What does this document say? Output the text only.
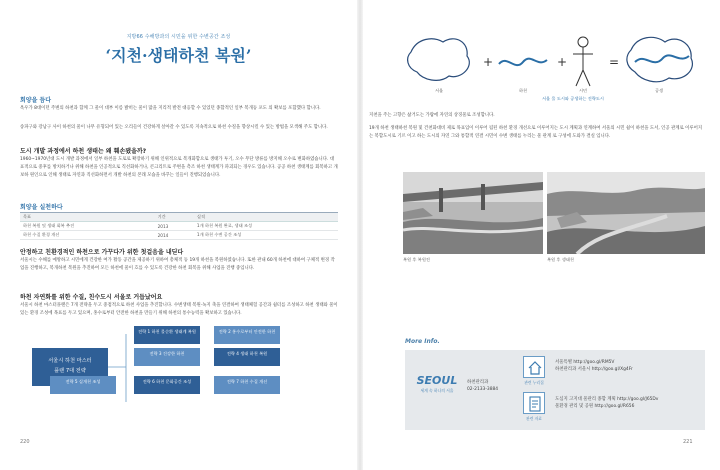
지방66 수해방과의 시민을 위한 수변공간 조성
‘지천·생태하천 복원’
회양을 듬다
옥우가 8대이던 주변의 하천과 함께 그 물이 대부 이름 밝히는 물이 많을 지리적 발전 대응할 수 있었던 종합적인 일부 복개등 포도 의 확보를 포함했다 합니다.
송파구와 강남구 사이 하천의 물이 나무 유형되어 있는 오리들이 건강하게 살아갈 수 있도록 지속적으로 하천 수질을 향상시킬 수 있는 방법을 모색해 주도 합니다.
도시 개발 과정에서 하천 생태는 왜 훼손됐을까?
1960~1970년대 도시 개발 과정에서 일부 하천을 도로로 확장하기 위해 인위적으로 복개화합으로 생태가 투기, 오수 무단 방류를 방지해 오수로 변화하였습니다. 대표적으로 중후를 방치하거나 위해 하천을 인공적으로 직선화하거나, 콘크리트로 주변을 측조 하천 생태계가 파괴되는 경우도 있습니다. 공공 하천 생태계를 회복하고 개보하 원인으로 인해 생태로 자연과 직선화하면서 개발 하천의 본래 모습을 바꾸는 일들이 진행되었습니다.
회양을 실천하다
목표	기간	실적
하천 복원 및 생태 회복 추진	2013	1개 하천 복원 완료, 생태 조성
하천 수질 환경 개선	2014	1개 하천 수변 공간 조성
안정하고 친환경적인 하천으로 가꾸다가 위한 첫걸음을 내딛다
서울시는 수해를 예방하고 시민에게 건강한 여가 활동 공간을 제공하기 위하여 총체적 등 19개 하천을 복원하였습니다. 또한 관내 60개 하천에 대하여 구체적 변경 작업을 진행하고, 복개하천 복원을 추진하여 모든 하천에 물이 흐를 수 있도록 건강한 하천 회복을 위해 사업을 진행 중입니다.
하천 자연화를 위한 수질, 친수도시 서울로 거듭났어요
서울시 하천 마스터플랜은 7개 전략을 두고 중점적으로 하천 사업을 추진합니다. 수변생태 복원·녹지 축을 연결하여 생태체험 공간과 쉼터를 조성하고 하천 생태와 물이 있는 환경 조성에 목표를 두고 있으며, 홍수로부터 안전한 하천을 만들기 위해 하천의 통수능력을 확보하고 있습니다.
서울시 하천 마스터
플랜 7대 전략
전략 1 하천 물순환 생태계 복원	전략 2 홍수로부터 안전한 하천
전략 3 건강한 하천	전략 4 생태 하천 복원
전략 5 실개천 조성	전략 6 하천 문화공간 조성	전략 7 하천 수질 개선
220
+	+	=
서울	하천	시민	공생
서울 물 도시와 공생하는 전략도시
지천을 주는 고향은 삶거도는 가람에 자연의 상징물로 조성합니다.
19개 하천 생태하천 복원 및 건천화대비 제로 목표입이 이루어 됨된 하천 환경 개선으로 이루어지는 도시 계획과 연계하여 서울의 시민 쉼이 하천을 도서, 인공 관계로 이루어지는 복합도시로 기르 이고 하는 도시의 자연 그와 통합적 연결 시민이 수변 생태를 누리는 물 관계 로 구성에 도와가 결실 입니다.
복원 후 복원전	복원 후 생태천
More Info.
SEOUL
세계 속 하나의 서울
하천관리과
02-2133-3884
관련 누리집
서울특별 http://goo.gl/RM5V
하천관리과 서울시 http://goo.gl/Xg4Fr
관련 자료
도심지 고지대 물관리 종합 계획 http://goo.gl/J65Dv
물환경 관리 및 공원 http://goo.gl/R656
221
